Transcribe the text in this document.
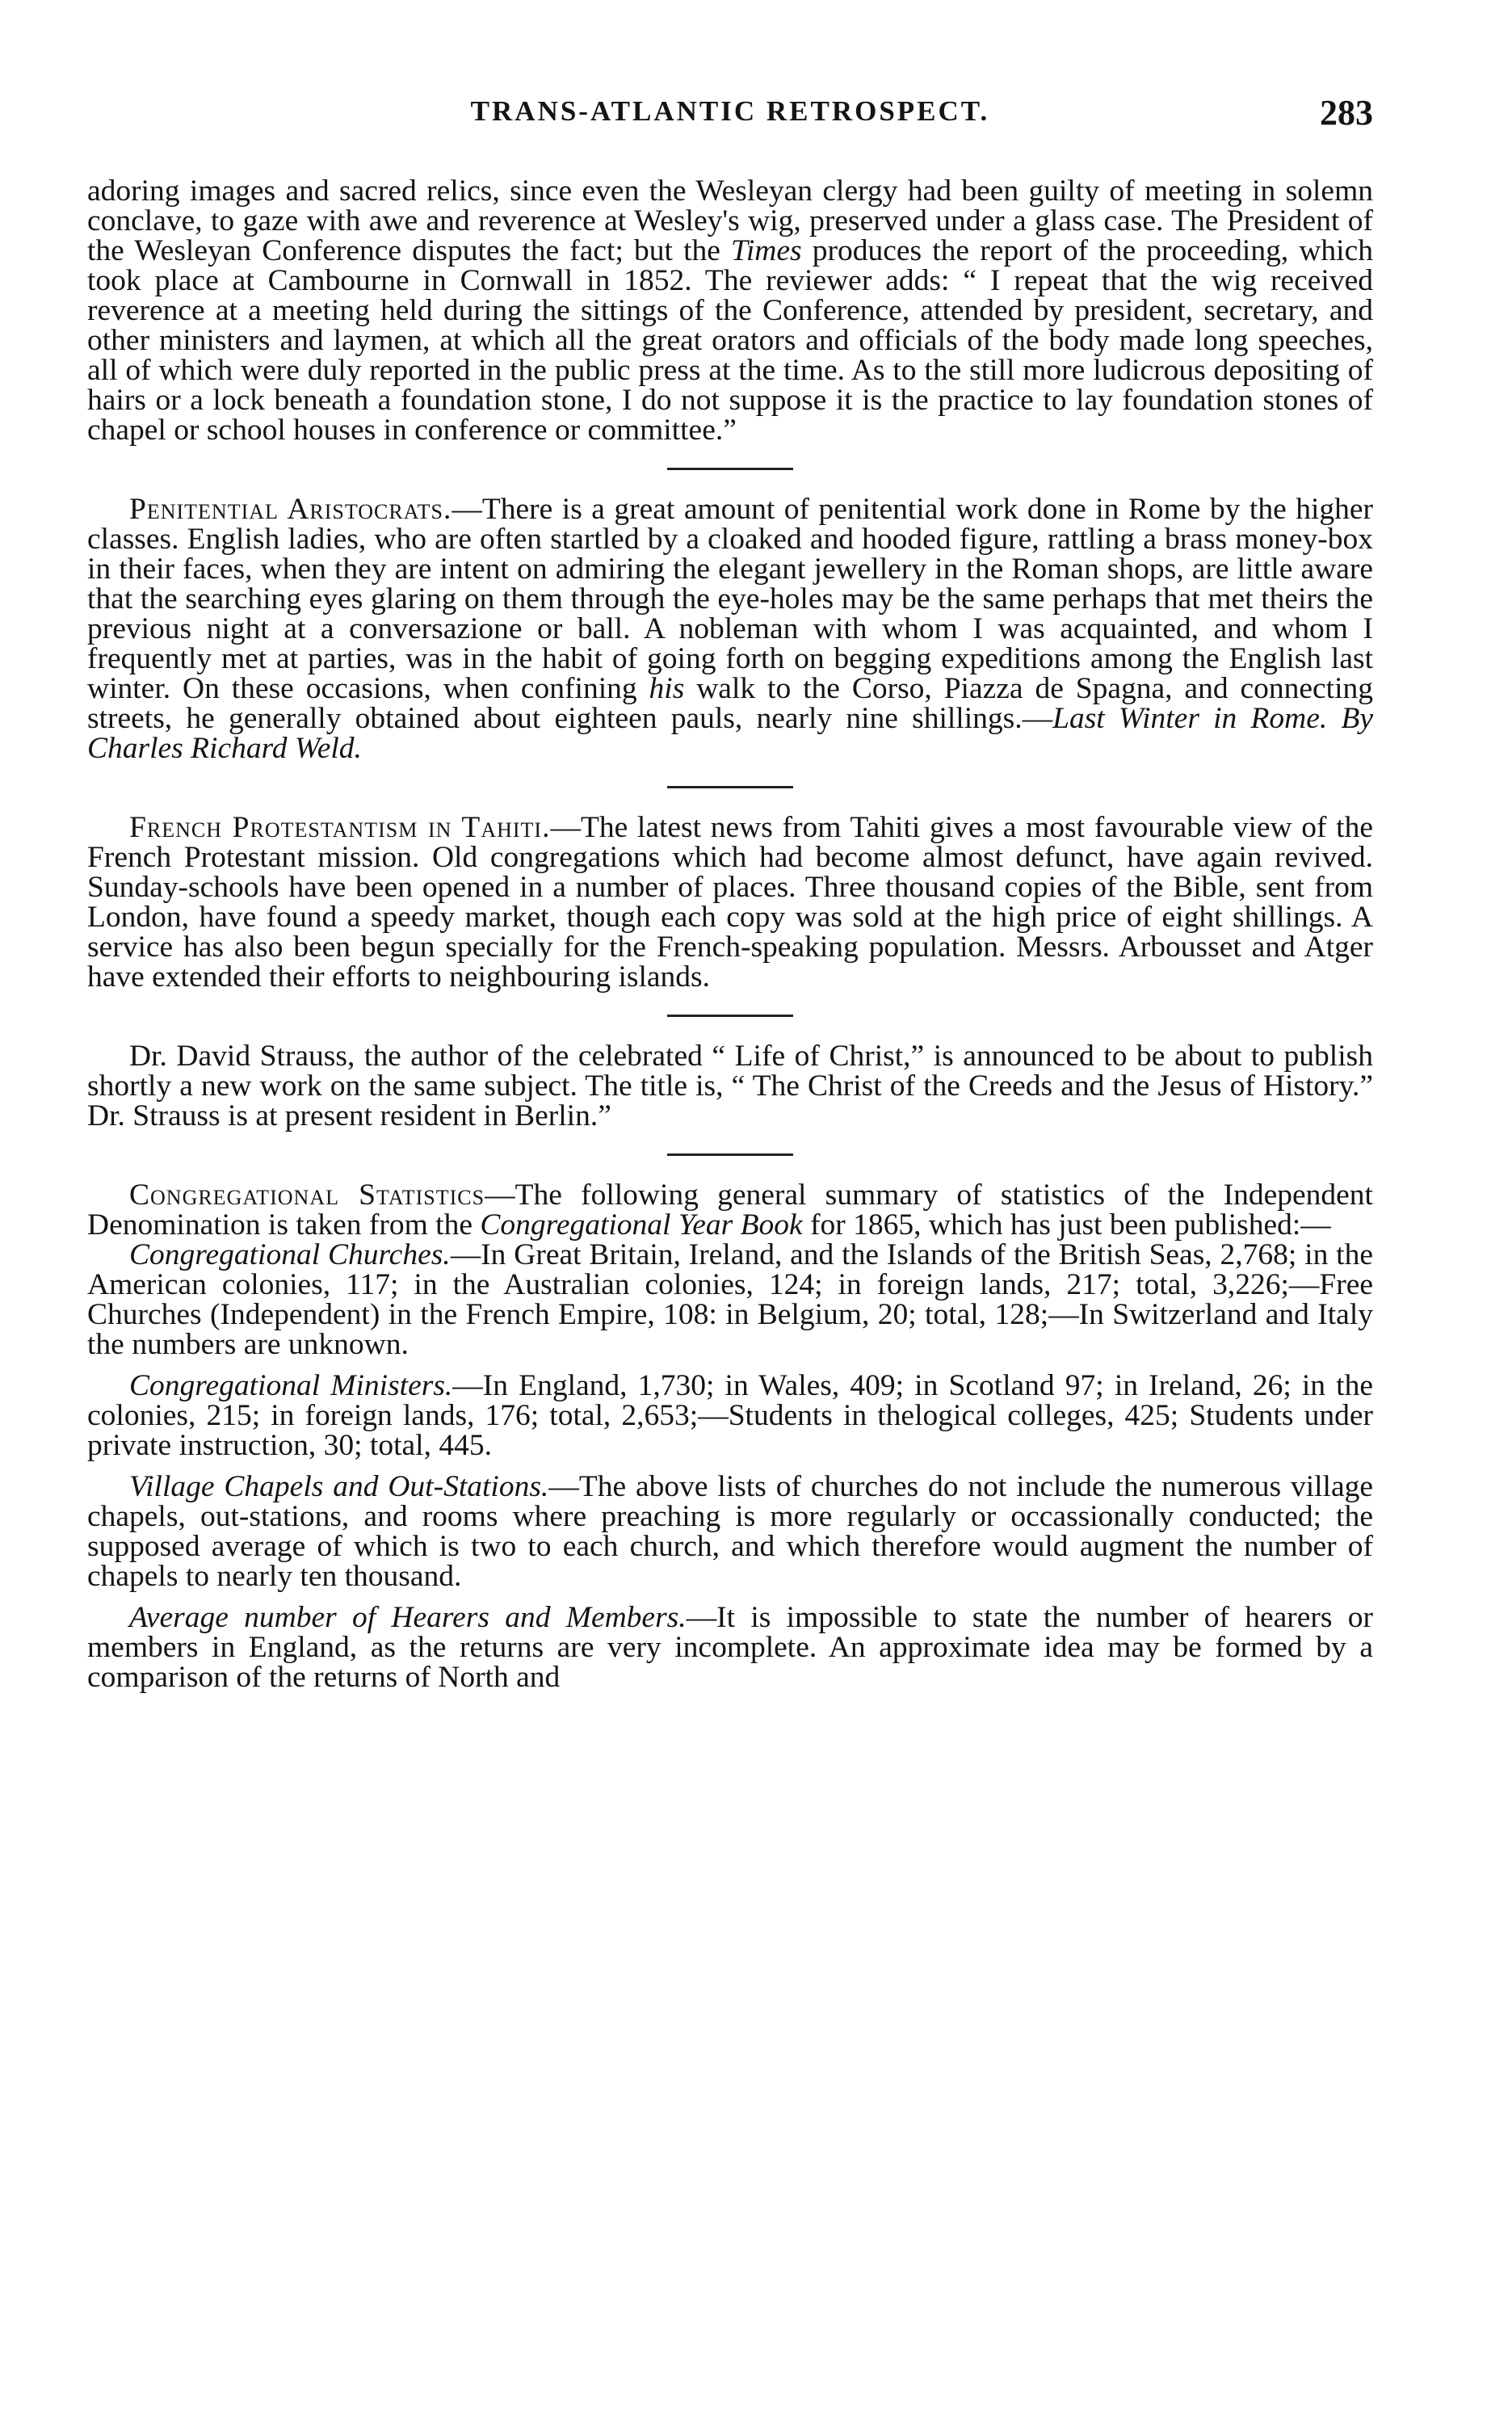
TRANS-ATLANTIC RETROSPECT.	283

adoring images and sacred relics, since even the Wesleyan clergy had been guilty of meeting in solemn conclave, to gaze with awe and reverence at Wesley's wig, preserved under a glass case. The President of the Wesleyan Conference disputes the fact; but the Times produces the report of the proceeding, which took place at Cambourne in Cornwall in 1852. The reviewer adds: “ I repeat that the wig received reverence at a meeting held during the sittings of the Conference, attended by president, secretary, and other ministers and laymen, at which all the great orators and officials of the body made long speeches, all of which were duly reported in the public press at the time. As to the still more ludicrous depositing of hairs or a lock beneath a foundation stone, I do not suppose it is the practice to lay foundation stones of chapel or school houses in conference or committee.”

Penitential Aristocrats.—There is a great amount of penitential work done in Rome by the higher classes. English ladies, who are often startled by a cloaked and hooded figure, rattling a brass money-box in their faces, when they are intent on admiring the elegant jewellery in the Roman shops, are little aware that the searching eyes glaring on them through the eye-holes may be the same perhaps that met theirs the previous night at a conversazione or ball. A nobleman with whom I was acquainted, and whom I frequently met at parties, was in the habit of going forth on begging expeditions among the English last winter. On these occasions, when confining his walk to the Corso, Piazza de Spagna, and connecting streets, he generally obtained about eighteen pauls, nearly nine shillings.—Last Winter in Rome. By Charles Richard Weld.

French Protestantism in Tahiti.—The latest news from Tahiti gives a most favourable view of the French Protestant mission. Old congregations which had become almost defunct, have again revived. Sunday-schools have been opened in a number of places. Three thousand copies of the Bible, sent from London, have found a speedy market, though each copy was sold at the high price of eight shillings. A service has also been begun specially for the French-speaking population. Messrs. Arbousset and Atger have extended their efforts to neighbouring islands.

Dr. David Strauss, the author of the celebrated “ Life of Christ,” is announced to be about to publish shortly a new work on the same subject. The title is, “ The Christ of the Creeds and the Jesus of History.” Dr. Strauss is at present resident in Berlin.”

Congregational Statistics—The following general summary of statistics of the Independent Denomination is taken from the Congregational Year Book for 1865, which has just been published:—

Congregational Churches.—In Great Britain, Ireland, and the Islands of the British Seas, 2,768; in the American colonies, 117; in the Australian colonies, 124; in foreign lands, 217; total, 3,226;—Free Churches (Independent) in the French Empire, 108: in Belgium, 20; total, 128;—In Switzerland and Italy the numbers are unknown.

Congregational Ministers.—In England, 1,730; in Wales, 409; in Scotland 97; in Ireland, 26; in the colonies, 215; in foreign lands, 176; total, 2,653;—Students in thelogical colleges, 425; Students under private instruction, 30; total, 445.

Village Chapels and Out-Stations.—The above lists of churches do not include the numerous village chapels, out-stations, and rooms where preaching is more regularly or occassionally conducted; the supposed average of which is two to each church, and which therefore would augment the number of chapels to nearly ten thousand.

Average number of Hearers and Members.—It is impossible to state the number of hearers or members in England, as the returns are very incomplete. An approximate idea may be formed by a comparison of the returns of North and
